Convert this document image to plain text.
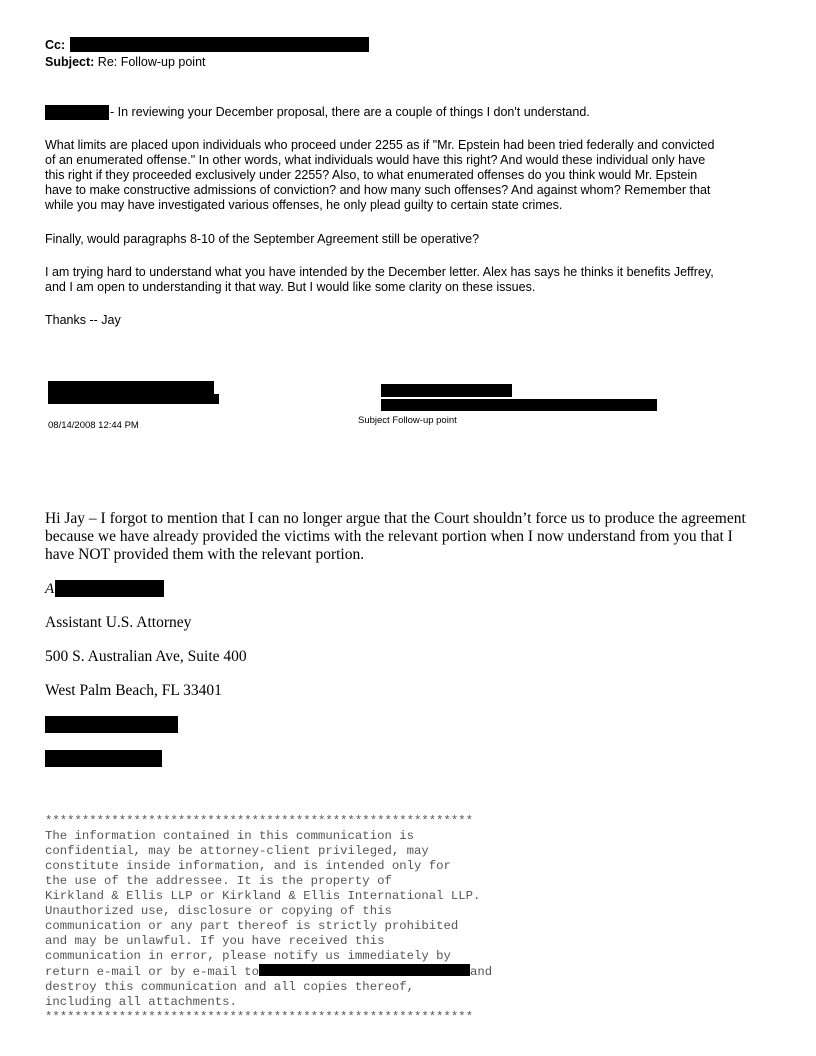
Cc:
Subject: Re: Follow-up point
- In reviewing your December proposal, there are a couple of things I don't understand.
What limits are placed upon individuals who proceed under 2255 as if "Mr. Epstein had been tried federally and convicted
of an enumerated offense." In other words, what individuals would have this right? And would these individual only have
this right if they proceeded exclusively under 2255? Also, to what enumerated offenses do you think would Mr. Epstein
have to make constructive admissions of conviction? and how many such offenses? And against whom? Remember that
while you may have investigated various offenses, he only plead guilty to certain state crimes.
Finally, would paragraphs 8-10 of the September Agreement still be operative?
I am trying hard to understand what you have intended by the December letter. Alex has says he thinks it benefits Jeffrey,
and I am open to understanding it that way. But I would like some clarity on these issues.
Thanks -- Jay
08/14/2008 12:44 PM	Subject Follow-up point
Hi Jay – I forgot to mention that I can no longer argue that the Court shouldn’t force us to produce the agreement
because we have already provided the victims with the relevant portion when I now understand from you that I
have NOT provided them with the relevant portion.
A
Assistant U.S. Attorney
500 S. Australian Ave, Suite 400
West Palm Beach, FL 33401

**********************************************************
The information contained in this communication is
confidential, may be attorney-client privileged, may
constitute inside information, and is intended only for
the use of the addressee. It is the property of
Kirkland & Ellis LLP or Kirkland & Ellis International LLP.
Unauthorized use, disclosure or copying of this
communication or any part thereof is strictly prohibited
and may be unlawful. If you have received this
communication in error, please notify us immediately by
return e-mail or by e-mail to	and
destroy this communication and all copies thereof,
including all attachments.
**********************************************************
